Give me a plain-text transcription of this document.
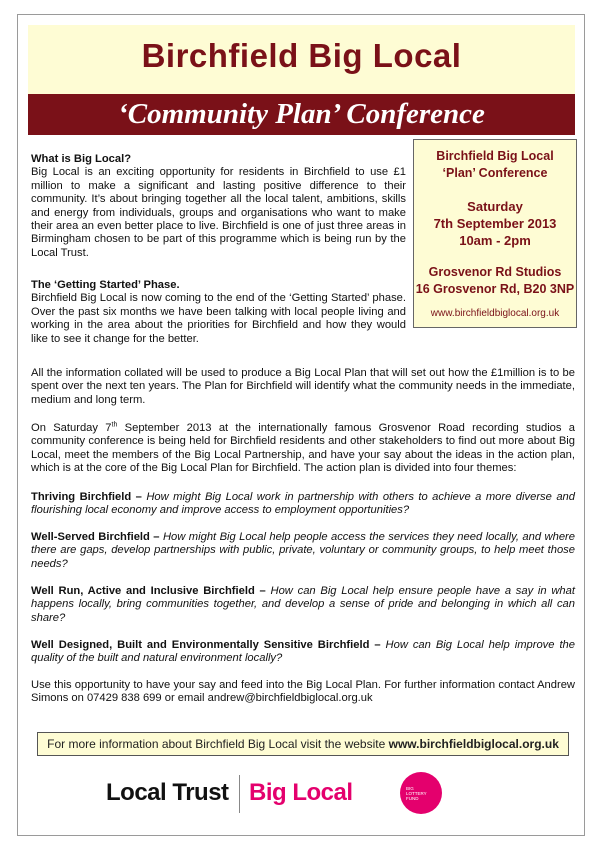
Birchfield Big Local
‘Community Plan’ Conference
Birchfield Big Local
‘Plan’ Conference
Saturday
7th September 2013
10am - 2pm
Grosvenor Rd Studios
16 Grosvenor Rd, B20 3NP
www.birchfieldbiglocal.org.uk

What is Big Local?

Big Local is an exciting opportunity for residents in Birchfield to use £1 million to make a significant and lasting positive difference to their community. It’s about bringing together all the local talent, ambitions, skills and energy from individuals, groups and organisations who want to make their area an even better place to live. Birchfield is one of just three areas in Birmingham chosen to be part of this programme which is being run by the Local Trust.

The ‘Getting Started’ Phase.

Birchfield Big Local is now coming to the end of the ‘Getting Started’ phase. Over the past six months we have been talking with local people living and working in the area about the priorities for Birchfield and how they would like to see it change for the better.

All the information collated will be used to produce a Big Local Plan that will set out how the £1million is to be spent over the next ten years. The Plan for Birchfield will identify what the community needs in the immediate, medium and long term.

On Saturday 7th September 2013 at the internationally famous Grosvenor Road recording studios a community conference is being held for Birchfield residents and other stakeholders to find out more about Big Local, meet the members of the Big Local Partnership, and have your say about the ideas in the action plan, which is at the core of the Big Local Plan for Birchfield. The action plan is divided into four themes:

Thriving Birchfield – How might Big Local work in partnership with others to achieve a more diverse and flourishing local economy and improve access to employment opportunities?

Well-Served Birchfield – How might Big Local help people access the services they need locally, and where there are gaps, develop partnerships with public, private, voluntary or community groups, to help meet those needs?

Well Run, Active and Inclusive Birchfield – How can Big Local help ensure people have a say in what happens locally, bring communities together, and develop a sense of pride and belonging in which all can share?

Well Designed, Built and Environmentally Sensitive Birchfield – How can Big Local help improve the quality of the built and natural environment locally?

Use this opportunity to have your say and feed into the Big Local Plan. For further information contact Andrew Simons on 07429 838 699 or email andrew@birchfieldbiglocal.org.uk

For more information about Birchfield Big Local visit the website www.birchfieldbiglocal.org.uk
Local Trust Big Local	BIG
LOTTERY
FUND
